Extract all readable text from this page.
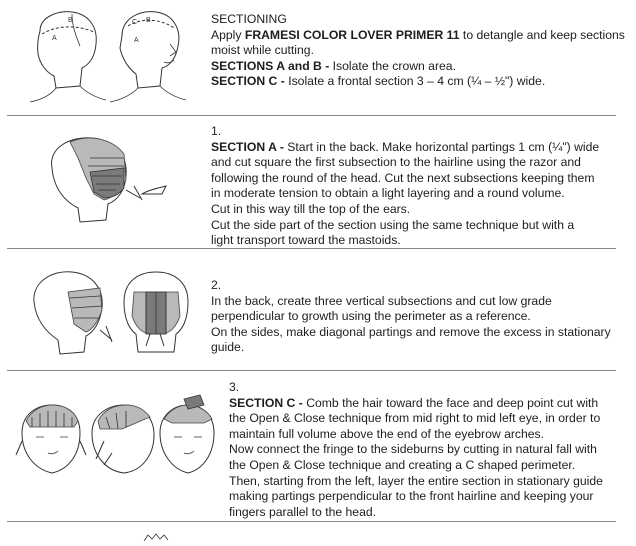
B
A
C B
A

SECTIONING

Apply FRAMESI COLOR LOVER PRIMER 11 to detangle and keep sections

moist while cutting.

SECTIONS A and B - Isolate the crown area.

SECTION C - Isolate a frontal section 3 – 4 cm (¼ – ½") wide.

1.

SECTION A - Start in the back. Make horizontal partings 1 cm (¼") wide

and cut square the first subsection to the hairline using the razor and

following the round of the head. Cut the next subsections keeping them

in moderate tension to obtain a light layering and a round volume.

Cut in this way till the top of the ears.

Cut the side part of the section using the same technique but with a

light transport toward the mastoids.

2.

In the back, create three vertical subsections and cut low grade

perpendicular to growth using the perimeter as a reference.

On the sides, make diagonal partings and remove the excess in stationary

guide.

3.

SECTION C - Comb the hair toward the face and deep point cut with

the Open & Close technique from mid right to mid left eye, in order to

maintain full volume above the end of the eyebrow arches.

Now connect the fringe to the sideburns by cutting in natural fall with

the Open & Close technique and creating a C shaped perimeter.

Then, starting from the left, layer the entire section in stationary guide

making partings perpendicular to the front hairline and keeping your

fingers parallel to the head.
